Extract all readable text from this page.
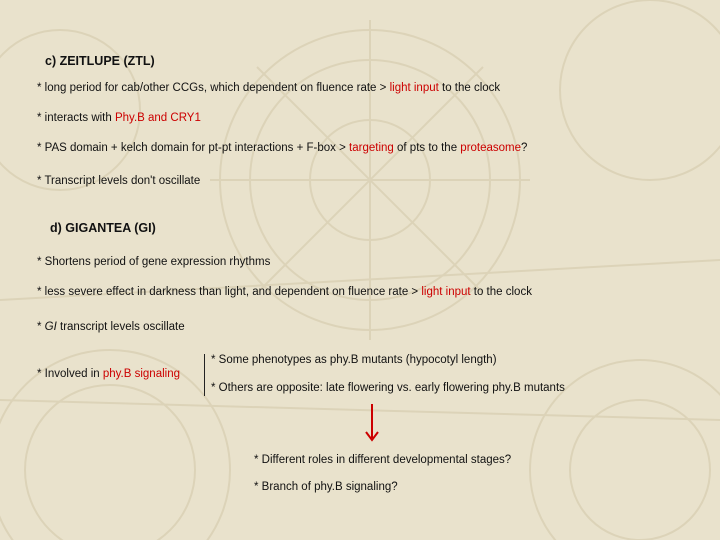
c) ZEITLUPE (ZTL)
* long period for cab/other CCGs, which dependent on fluence rate > light input to the clock
* interacts with Phy.B and CRY1
* PAS domain + kelch domain for pt-pt interactions + F-box > targeting of pts to the proteasome?
* Transcript levels don't oscillate
d) GIGANTEA (GI)
* Shortens period of gene expression rhythms
* less severe effect in darkness than light, and dependent on fluence rate > light input to the clock
* GI transcript levels oscillate
* Involved in phy.B signaling
* Some phenotypes as phy.B mutants (hypocotyl length)
* Others are opposite: late flowering vs. early flowering phy.B mutants
* Different roles in different developmental stages?
* Branch of phy.B signaling?
